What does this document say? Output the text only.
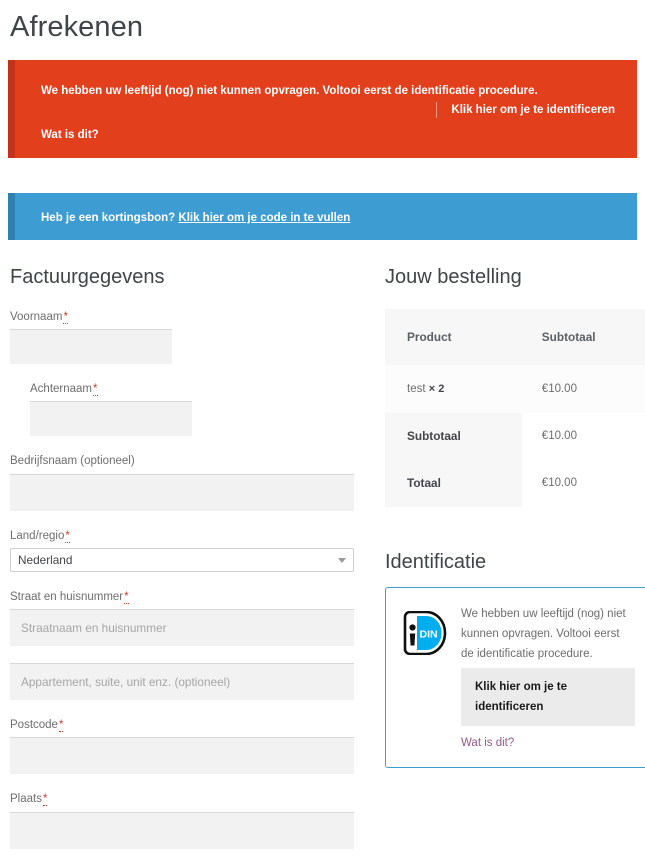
Afrekenen
We hebben uw leeftijd (nog) niet kunnen opvragen. Voltooi eerst de identificatie procedure.
Klik hier om je te identificeren
Wat is dit?
Heb je een kortingsbon? Klik hier om je code in te vullen
Factuurgegevens
Voornaam*

Achternaam*
Bedrijfsnaam (optioneel)
Land/regio*
Nederland
Straat en huisnummer*
Straatnaam en huisnummer
Appartement, suite, unit enz. (optioneel)
Postcode*
Plaats*
Jouw bestelling
Product	Subtotaal
test × 2	€10.00
Subtotaal	€10.00
Totaal	€10.00
Identificatie
DIN

We hebben uw leeftijd (nog) niet kunnen opvragen. Voltooi eerst de identificatie procedure.

Klik hier om je te identificeren
Wat is dit?
